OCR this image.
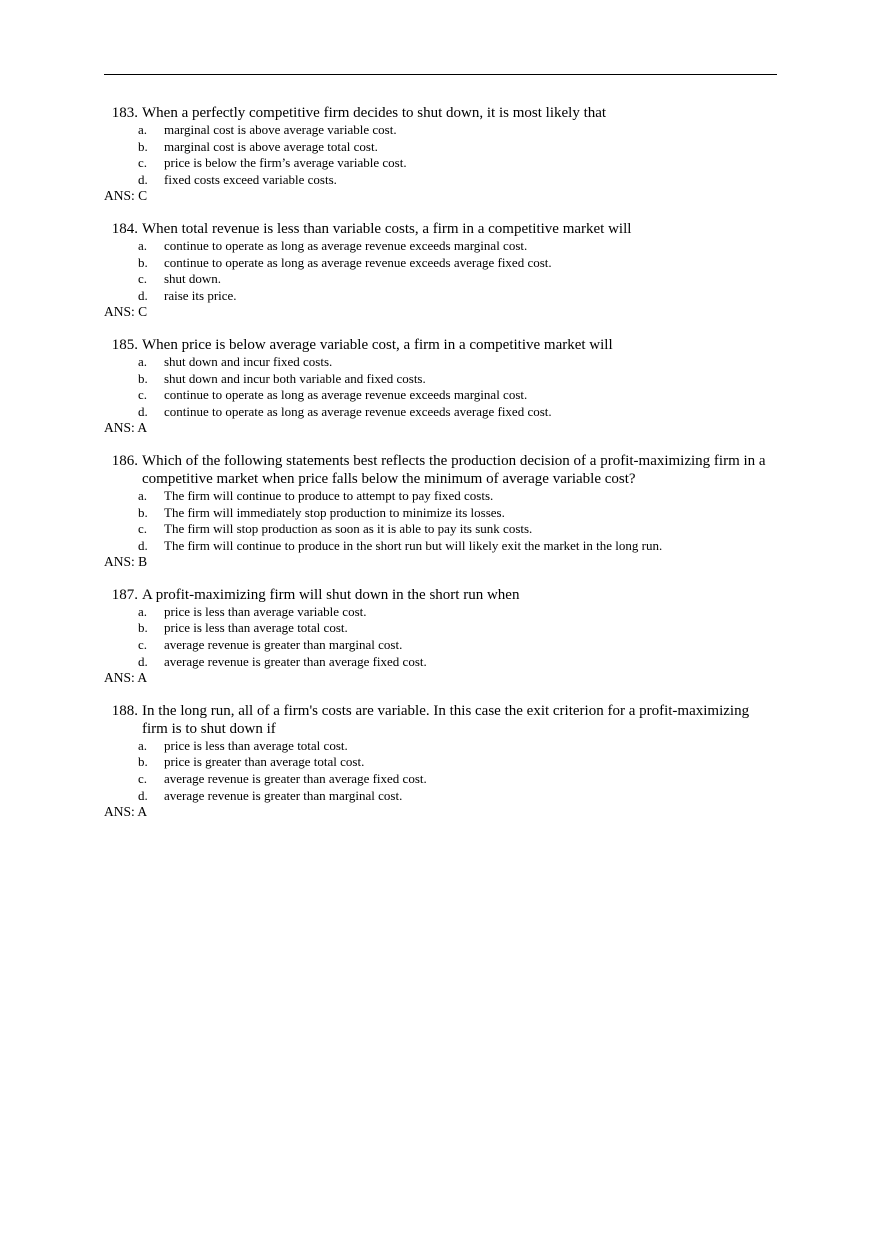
183. When a perfectly competitive firm decides to shut down, it is most likely that
a.	marginal cost is above average variable cost.
b.	marginal cost is above average total cost.
c.	price is below the firm’s average variable cost.
d.	fixed costs exceed variable costs.
ANS: C
184. When total revenue is less than variable costs, a firm in a competitive market will
a.	continue to operate as long as average revenue exceeds marginal cost.
b.	continue to operate as long as average revenue exceeds average fixed cost.
c.	shut down.
d.	raise its price.
ANS: C
185. When price is below average variable cost, a firm in a competitive market will
a.	shut down and incur fixed costs.
b.	shut down and incur both variable and fixed costs.
c.	continue to operate as long as average revenue exceeds marginal cost.
d.	continue to operate as long as average revenue exceeds average fixed cost.
ANS: A
186. Which of the following statements best reflects the production decision of a profit-maximizing firm in a competitive market when price falls below the minimum of average variable cost?
a.	The firm will continue to produce to attempt to pay fixed costs.
b.	The firm will immediately stop production to minimize its losses.
c.	The firm will stop production as soon as it is able to pay its sunk costs.
d.	The firm will continue to produce in the short run but will likely exit the market in the long run.
ANS: B
187. A profit-maximizing firm will shut down in the short run when
a.	price is less than average variable cost.
b.	price is less than average total cost.
c.	average revenue is greater than marginal cost.
d.	average revenue is greater than average fixed cost.
ANS: A
188. In the long run, all of a firm's costs are variable. In this case the exit criterion for a profit-maximizing firm is to shut down if
a.	price is less than average total cost.
b.	price is greater than average total cost.
c.	average revenue is greater than average fixed cost.
d.	average revenue is greater than marginal cost.
ANS: A
